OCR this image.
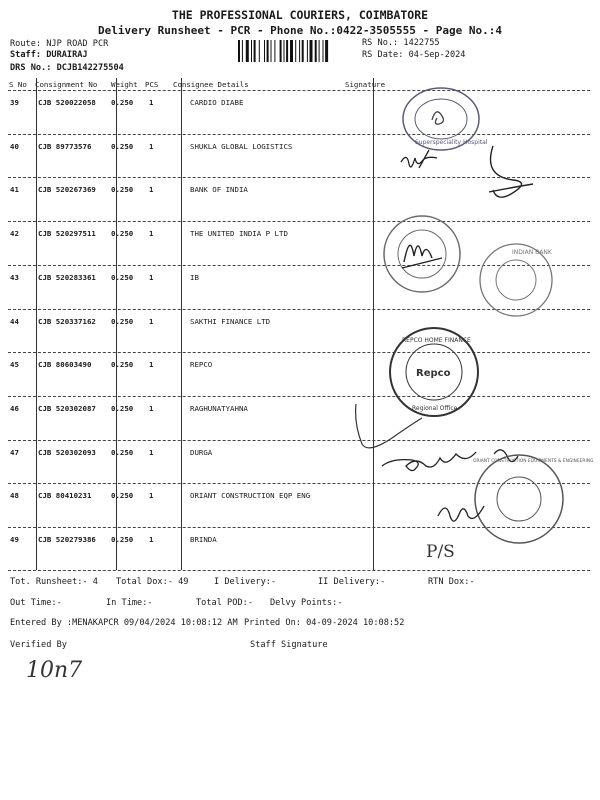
THE PROFESSIONAL COURIERS, COIMBATORE
Delivery Runsheet - PCR - Phone No.:0422-3505555 - Page No.:4
Route: NJP ROAD PCR
Staff: DURAIRAJ
DRS No.: DCJB142275504
RS No.: 1422755
RS Date: 04-Sep-2024
S No Consignment No Weight PCS Consignee Details	Signature
39	CJB 520022058 0.250 1	CARDIO DIABE
40	CJB 89773576	0.250 1	SHUKLA GLOBAL LOGISTICS
41	CJB 520267369 0.250 1	BANK OF INDIA
42	CJB 520297511 0.250 1	THE UNITED INDIA P LTD
43	CJB 520283361 0.250 1	IB
44	CJB 520337162 0.250 1	SAKTHI FINANCE LTD
45	CJB 80603490	0.250 1	REPCO
46	CJB 520302087 0.250 1	RAGHUNATYAHNA
47	CJB 520302093 0.250 1	DURGA
48	CJB 80410231	0.250 1	ORIANT CONSTRUCTION EQP ENG
49	CJB 520279386 0.250 1	BRINDA
Tot. Runsheet:- 4 Total Dox:- 49	I Delivery:-	II Delivery:-	RTN Dox:-
Out Time:-	In Time:-	Total POD:- Delvy Points:-
Entered By :MENAKAPCR 09/04/2024 10:08:12 AM Printed On: 04-09-2024 10:08:52
Verified By	Staff Signature
Superspeciality Hospital
INDIAN BANK
REPCO HOME FINANCE
Repco
Regional Office
ORIANT CONSTRUCTION EQUIPMENTS & ENGINEERING
P/S
10n7
